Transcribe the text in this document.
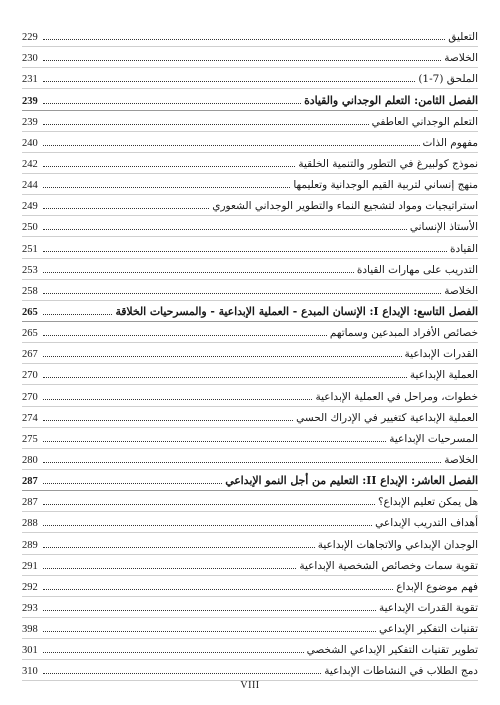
التعليق
229
الخلاصة
230
الملحق (7-1)
231
الفصل الثامن: التعلم الوجداني والقيادة
239
التعلم الوجداني العاطفي
239
مفهوم الذات
240
نموذج كولبيرغ في التطور والتنمية الخلقية
242
منهج إنساني لتربية القيم الوجدانية وتعليمها
244
استراتيجيات ومواد لتشجيع النماء والتطوير الوجداني الشعوري
249
الأستاذ الإنساني
250
القيادة
251
التدريب على مهارات القيادة
253
الخلاصة
258
الفصل التاسع: الإبداع I: الإنسان المبدع - العملية الإبداعية - والمسرحيات الخلاقة
265
خصائص الأفراد المبدعين وسماتهم
265
القدرات الإبداعية
267
العملية الإبداعية
270
خطوات، ومراحل في العملية الإبداعية
270
العملية الإبداعية كتغيير في الإدراك الحسي
274
المسرحيات الإبداعية
275
الخلاصة
280
الفصل العاشر: الإبداع II: التعليم من أجل النمو الإبداعي
287
هل يمكن تعليم الإبداع؟
287
أهداف التدريب الإبداعي
288
الوجدان الإبداعي والاتجاهات الإبداعية
289
تقوية سمات وخصائص الشخصية الإبداعية
291
فهم موضوع الإبداع
292
تقوية القدرات الإبداعية
293
تقنيات التفكير الإبداعي
398
تطوير تقنيات التفكير الإبداعي الشخصي
301
دمج الطلاب في النشاطات الإبداعية
310
VIII
